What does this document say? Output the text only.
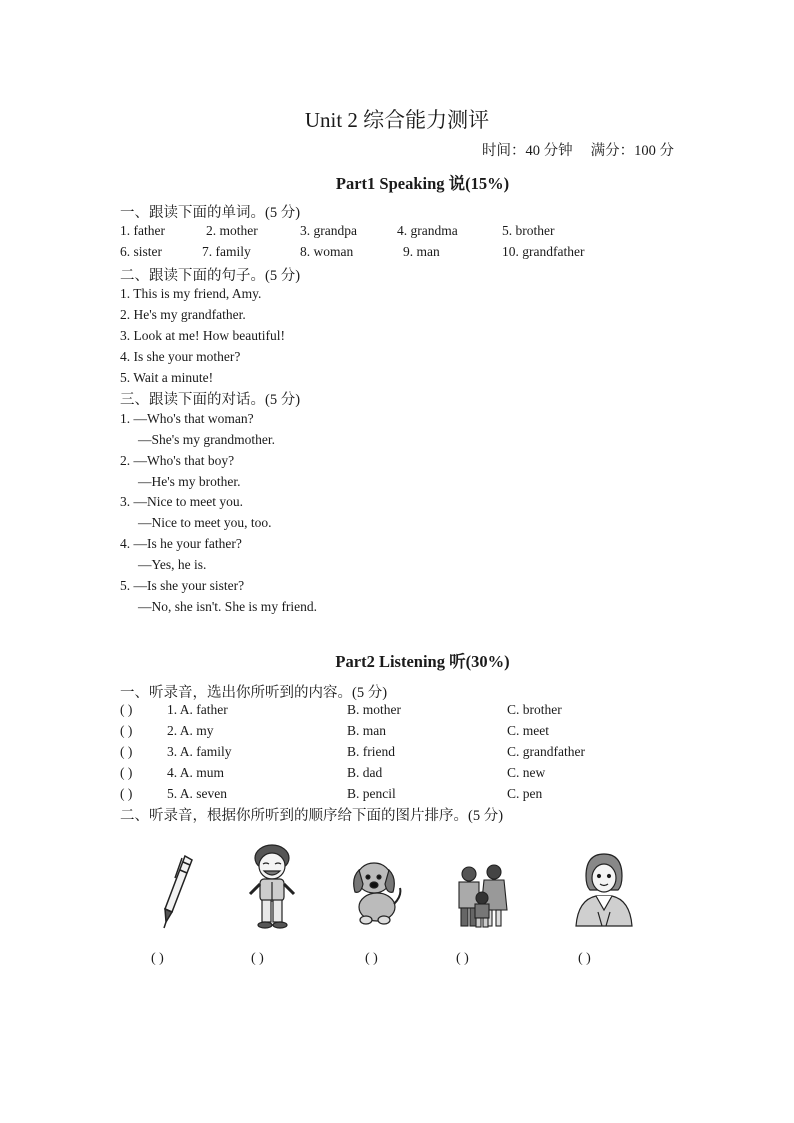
Unit 2 综合能力测评
时间：40 分钟 满分：100 分
Part1 Speaking 说(15%)
一、跟读下面的单词。(5 分)
1. father	2. mother	3. grandpa	4. grandma	5. brother
6. sister	7. family	8. woman	9. man	10. grandfather
二、跟读下面的句子。(5 分)
1. This is my friend, Amy.
2. He's my grandfather.
3. Look at me! How beautiful!
4. Is she your mother?
5. Wait a minute!
三、跟读下面的对话。(5 分)
1. —Who's that woman?
—She's my grandmother.
2. —Who's that boy?
—He's my brother.
3. —Nice to meet you.
—Nice to meet you, too.
4. —Is he your father?
—Yes, he is.
5. —Is she your sister?
—No, she isn't. She is my friend.
Part2 Listening 听(30%)
一、听录音，选出你所听到的内容。(5 分)
( )	1. A. father	B. mother	C. brother
( )	2. A. my	B. man	C. meet
( )	3. A. family	B. friend	C. grandfather
( )	4. A. mum	B. dad	C. new
( )	5. A. seven	B. pencil	C. pen
二、听录音，根据你所听到的顺序给下面的图片排序。(5 分)
( )	( )	( )	( )	( )
